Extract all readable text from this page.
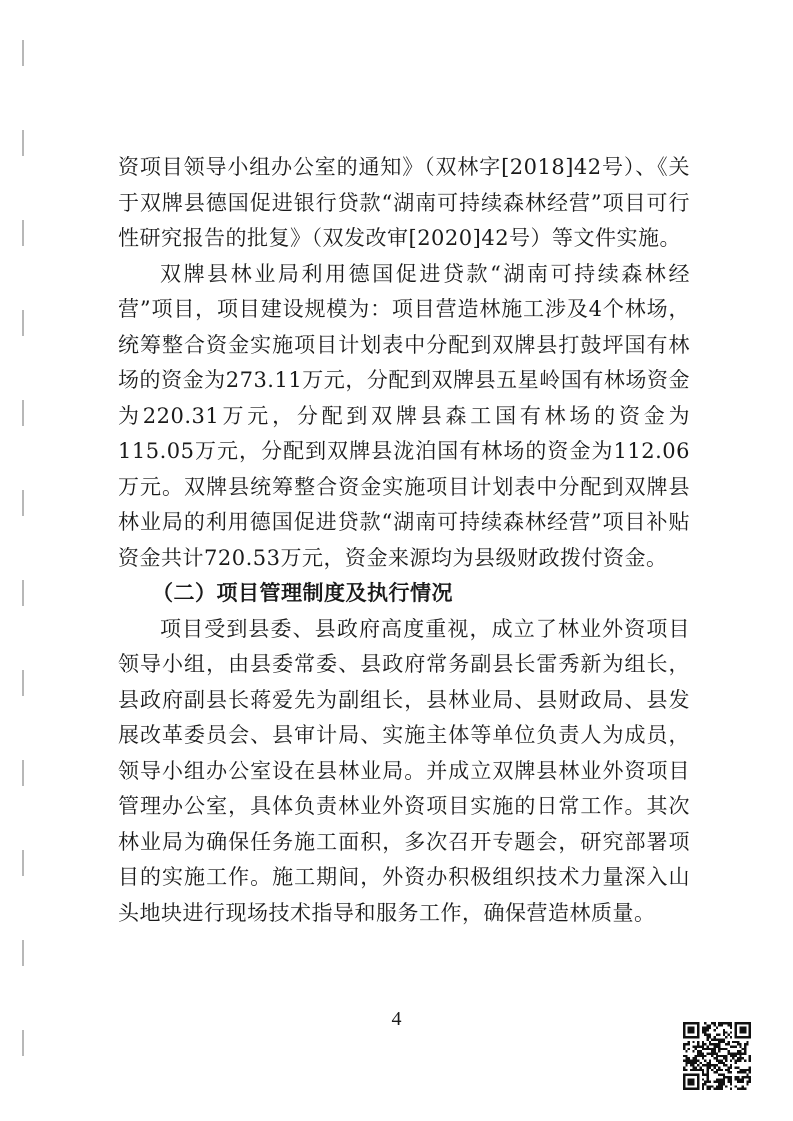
资项目领导小组办公室的通知》（双林字[2018]42号）、《关于双牌县德国促进银行贷款“湖南可持续森林经营”项目可行性研究报告的批复》（双发改审[2020]42号）等文件实施。

双牌县林业局利用德国促进贷款“湖南可持续森林经营”项目，项目建设规模为：项目营造林施工涉及4个林场，统筹整合资金实施项目计划表中分配到双牌县打鼓坪国有林场的资金为273.11万元，分配到双牌县五星岭国有林场资金为220.31万元，分配到双牌县森工国有林场的资金为115.05万元，分配到双牌县泷泊国有林场的资金为112.06万元。双牌县统筹整合资金实施项目计划表中分配到双牌县林业局的利用德国促进贷款“湖南可持续森林经营”项目补贴资金共计720.53万元，资金来源均为县级财政拨付资金。

（二）项目管理制度及执行情况

项目受到县委、县政府高度重视，成立了林业外资项目领导小组，由县委常委、县政府常务副县长雷秀新为组长，县政府副县长蒋爱先为副组长，县林业局、县财政局、县发展改革委员会、县审计局、实施主体等单位负责人为成员，领导小组办公室设在县林业局。并成立双牌县林业外资项目管理办公室，具体负责林业外资项目实施的日常工作。其次林业局为确保任务施工面积，多次召开专题会，研究部署项目的实施工作。施工期间，外资办积极组织技术力量深入山头地块进行现场技术指导和服务工作，确保营造林质量。

4
